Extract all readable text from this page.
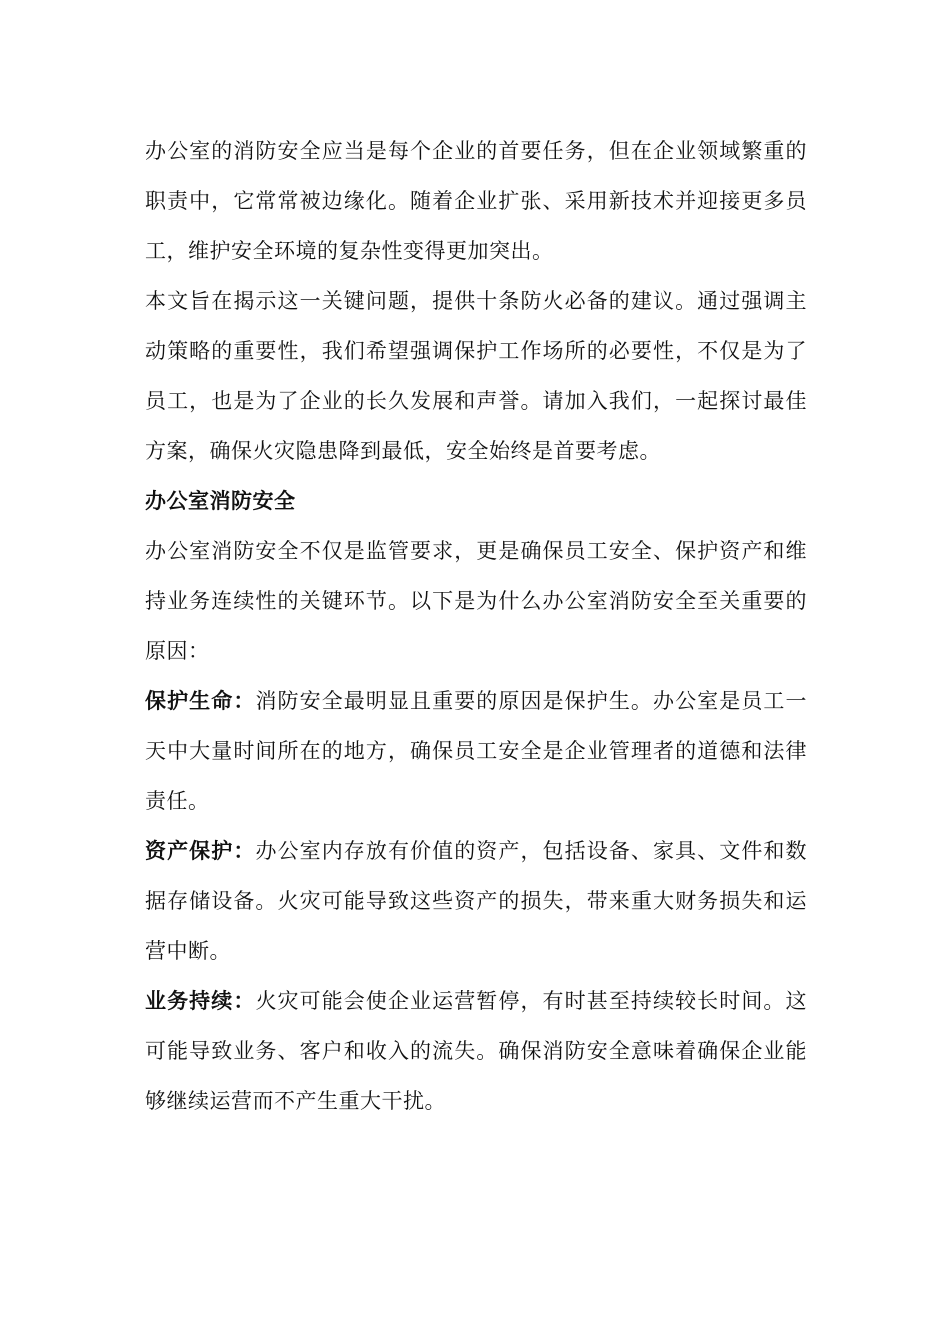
办公室的消防安全应当是每个企业的首要任务，但在企业领域繁重的职责中，它常常被边缘化。随着企业扩张、采用新技术并迎接更多员工，维护安全环境的复杂性变得更加突出。

本文旨在揭示这一关键问题，提供十条防火必备的建议。通过强调主动策略的重要性，我们希望强调保护工作场所的必要性，不仅是为了员工，也是为了企业的长久发展和声誉。请加入我们，一起探讨最佳方案，确保火灾隐患降到最低，安全始终是首要考虑。

办公室消防安全

办公室消防安全不仅是监管要求，更是确保员工安全、保护资产和维持业务连续性的关键环节。以下是为什么办公室消防安全至关重要的原因：

保护生命：消防安全最明显且重要的原因是保护生。办公室是员工一天中大量时间所在的地方，确保员工安全是企业管理者的道德和法律责任。

资产保护：办公室内存放有价值的资产，包括设备、家具、文件和数据存储设备。火灾可能导致这些资产的损失，带来重大财务损失和运营中断。

业务持续：火灾可能会使企业运营暂停，有时甚至持续较长时间。这可能导致业务、客户和收入的流失。确保消防安全意味着确保企业能够继续运营而不产生重大干扰。
